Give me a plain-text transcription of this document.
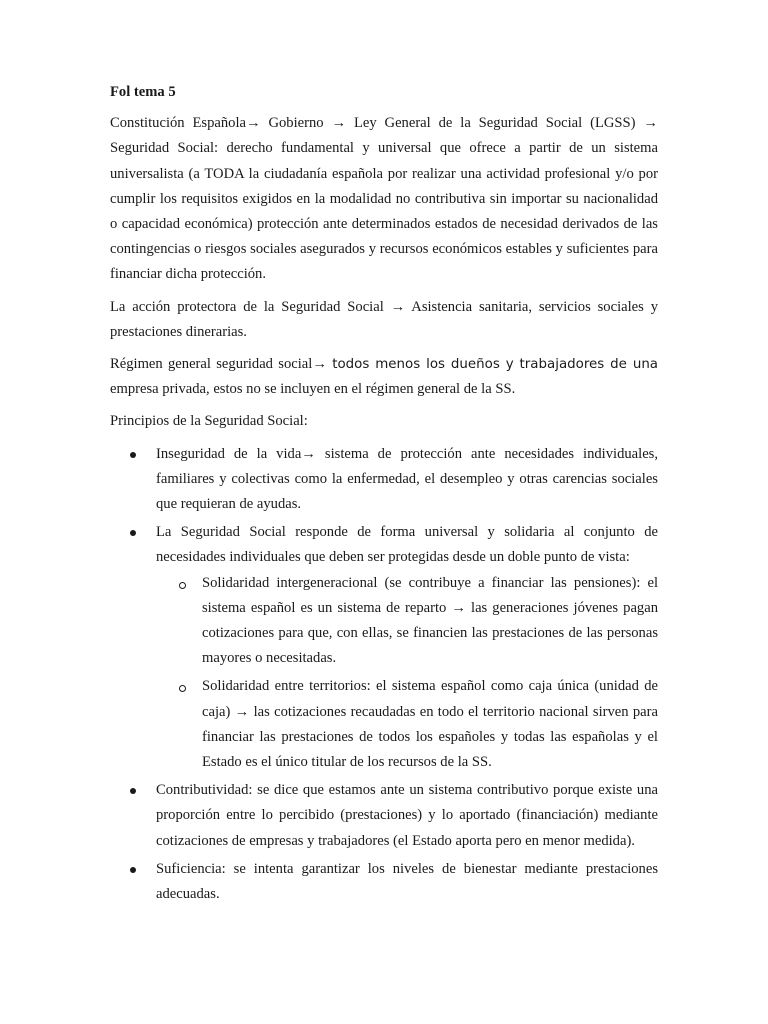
Fol tema 5

Constitución Española→ Gobierno → Ley General de la Seguridad Social (LGSS) → Seguridad Social: derecho fundamental y universal que ofrece a partir de un sistema universalista (a TODA la ciudadanía española por realizar una actividad profesional y/o por cumplir los requisitos exigidos en la modalidad no contributiva sin importar su nacionalidad o capacidad económica) protección ante determinados estados de necesidad derivados de las contingencias o riesgos sociales asegurados y recursos económicos estables y suficientes para financiar dicha protección.

La acción protectora de la Seguridad Social → Asistencia sanitaria, servicios sociales y prestaciones dinerarias.

Régimen general seguridad social→ todos menos los dueños y trabajadores de una empresa privada, estos no se incluyen en el régimen general de la SS.

Principios de la Seguridad Social:

Inseguridad de la vida→ sistema de protección ante necesidades individuales, familiares y colectivas como la enfermedad, el desempleo y otras carencias sociales que requieran de ayudas.
La Seguridad Social responde de forma universal y solidaria al conjunto de necesidades individuales que deben ser protegidas desde un doble punto de vista:
Solidaridad intergeneracional (se contribuye a financiar las pensiones): el sistema español es un sistema de reparto → las generaciones jóvenes pagan cotizaciones para que, con ellas, se financien las prestaciones de las personas mayores o necesitadas.
Solidaridad entre territorios: el sistema español como caja única (unidad de caja) → las cotizaciones recaudadas en todo el territorio nacional sirven para financiar las prestaciones de todos los españoles y todas las españolas y el Estado es el único titular de los recursos de la SS.
Contributividad: se dice que estamos ante un sistema contributivo porque existe una proporción entre lo percibido (prestaciones) y lo aportado (financiación) mediante cotizaciones de empresas y trabajadores (el Estado aporta pero en menor medida).
Suficiencia: se intenta garantizar los niveles de bienestar mediante prestaciones adecuadas.
